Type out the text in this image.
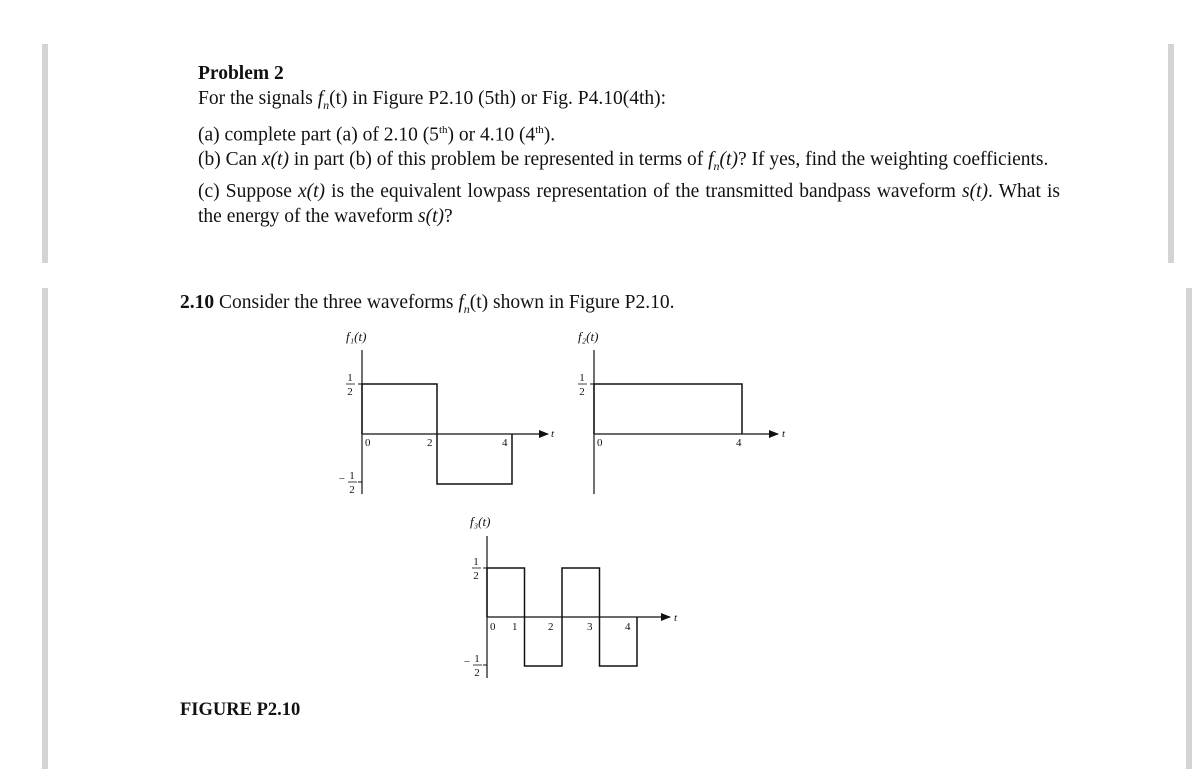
Problem 2
For the signals $f_n(t)$ in Figure P2.10 (5th) or Fig. P4.10(4th):
(a) complete part (a) of 2.10 (5th) or 4.10 (4th).
(b) Can x(t) in part (b) of this problem be represented in terms of $f_n(t)$? If yes, find the weighting coefficients.
(c) Suppose x(t) is the equivalent lowpass representation of the transmitted bandpass waveform s(t). What is the energy of the waveform s(t)?
2.10 Consider the three waveforms $f_n(t)$ shown in Figure P2.10.
f₁(t)
t
1
2
− 1
2
0	2	4
f₂(t)
t
1
2
0	4
f₃(t)
t
1
2
− 1
2
0 1	2	3	4
FIGURE P2.10
